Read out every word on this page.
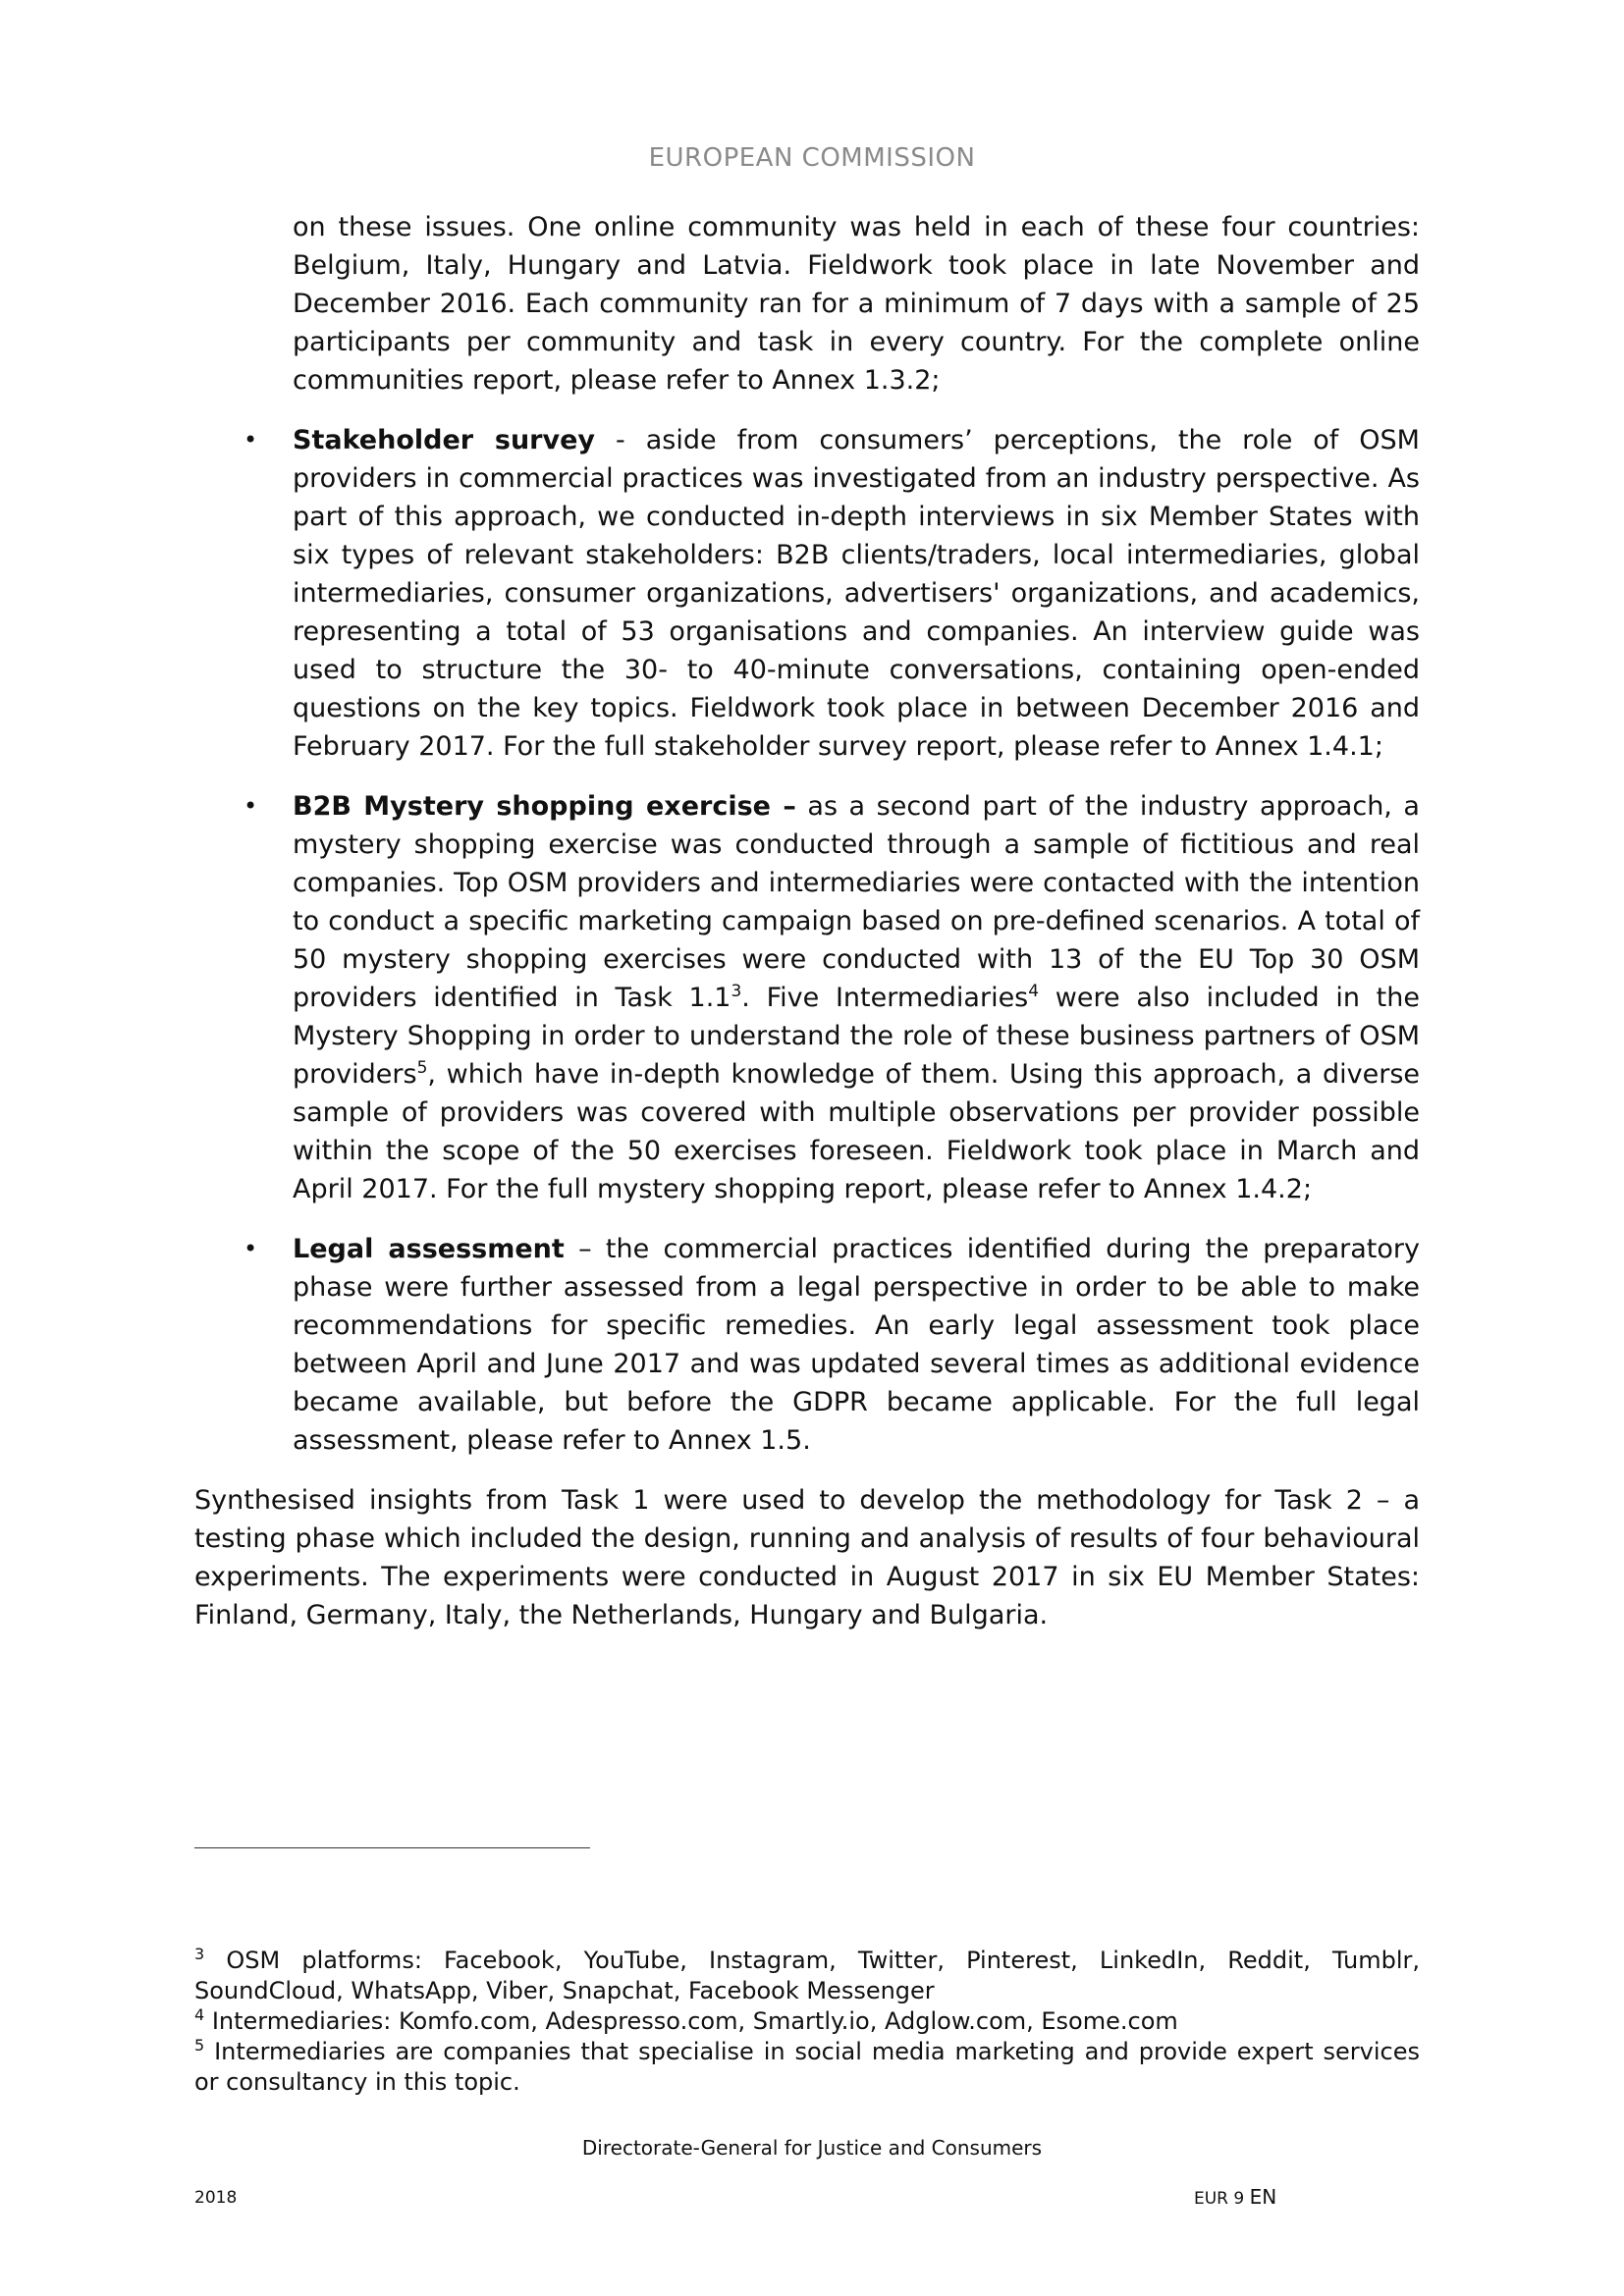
EUROPEAN COMMISSION

on these issues. One online community was held in each of these four countries: Belgium, Italy, Hungary and Latvia. Fieldwork took place in late November and December 2016. Each community ran for a minimum of 7 days with a sample of 25 participants per community and task in every country. For the complete online communities report, please refer to Annex 1.3.2;

• Stakeholder survey - aside from consumers’ perceptions, the role of OSM providers in commercial practices was investigated from an industry perspective. As part of this approach, we conducted in-depth interviews in six Member States with six types of relevant stakeholders: B2B clients/traders, local intermediaries, global intermediaries, consumer organizations, advertisers' organizations, and academics, representing a total of 53 organisations and companies. An interview guide was used to structure the 30- to 40-minute conversations, containing open-ended questions on the key topics. Fieldwork took place in between December 2016 and February 2017. For the full stakeholder survey report, please refer to Annex 1.4.1;
• B2B Mystery shopping exercise – as a second part of the industry approach, a mystery shopping exercise was conducted through a sample of fictitious and real companies. Top OSM providers and intermediaries were contacted with the intention to conduct a specific marketing campaign based on pre-defined scenarios. A total of 50 mystery shopping exercises were conducted with 13 of the EU Top 30 OSM providers identified in Task $1.1^3$. Five Intermediaries$^4$ were also included in the Mystery Shopping in order to understand the role of these business partners of OSM providers$^5$, which have in-depth knowledge of them. Using this approach, a diverse sample of providers was covered with multiple observations per provider possible within the scope of the 50 exercises foreseen. Fieldwork took place in March and April 2017. For the full mystery shopping report, please refer to Annex 1.4.2;
• Legal assessment – the commercial practices identified during the preparatory phase were further assessed from a legal perspective in order to be able to make recommendations for specific remedies. An early legal assessment took place between April and June 2017 and was updated several times as additional evidence became available, but before the GDPR became applicable. For the full legal assessment, please refer to Annex 1.5.

Synthesised insights from Task 1 were used to develop the methodology for Task 2 – a testing phase which included the design, running and analysis of results of four behavioural experiments. The experiments were conducted in August 2017 in six EU Member States: Finland, Germany, Italy, the Netherlands, Hungary and Bulgaria.

$^3$ OSM platforms: Facebook, YouTube, Instagram, Twitter, Pinterest, LinkedIn, Reddit, Tumblr, SoundCloud, WhatsApp, Viber, Snapchat, Facebook Messenger

$^4$ Intermediaries: Komfo.com, Adespresso.com, Smartly.io, Adglow.com, Esome.com

$^5$ Intermediaries are companies that specialise in social media marketing and provide expert services or consultancy in this topic.

Directorate-General for Justice and Consumers
2018	EUR 9 EN
